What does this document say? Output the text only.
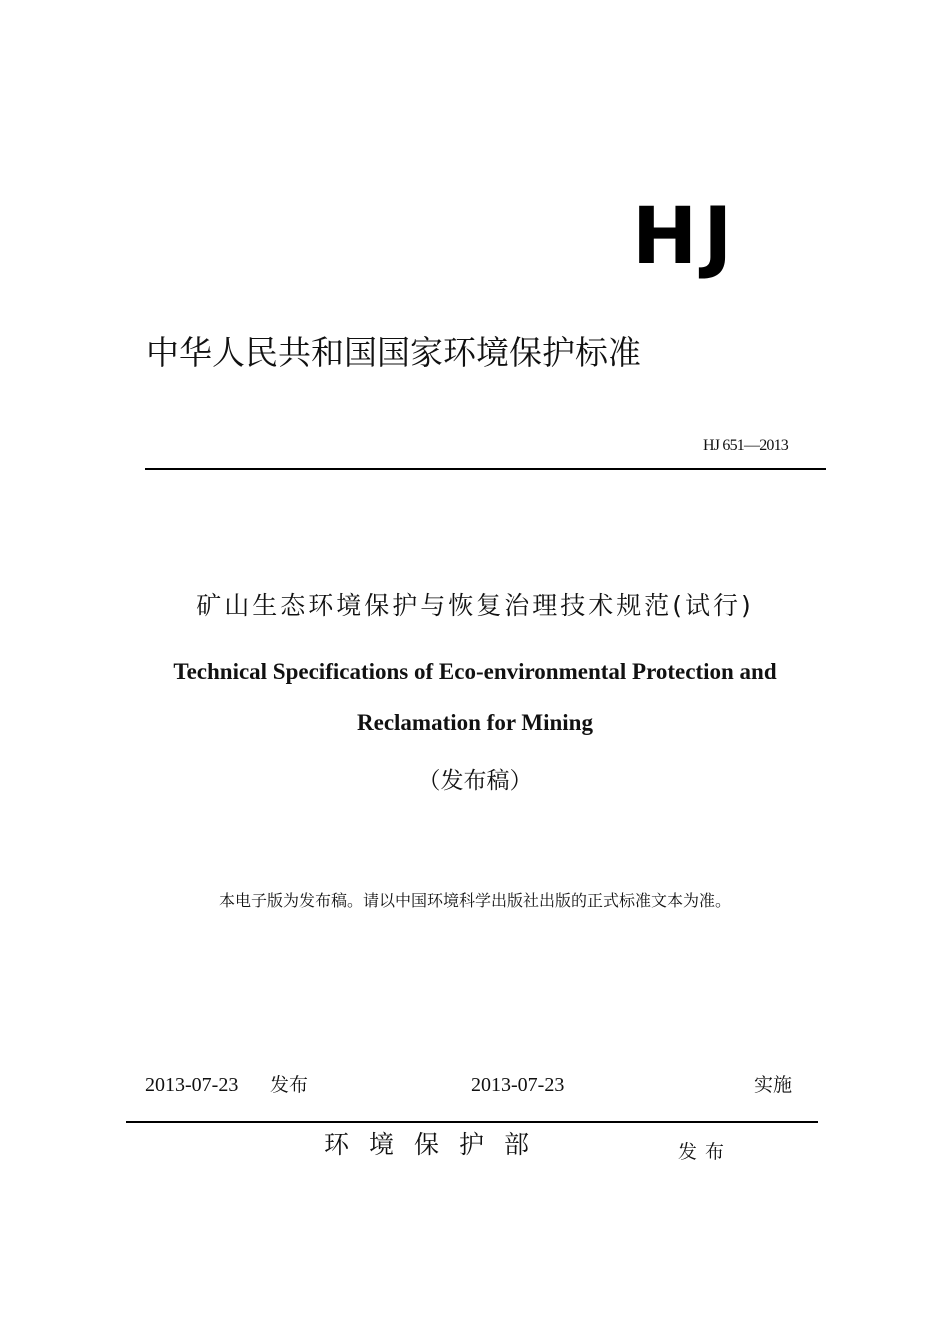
HJ
中华人民共和国国家环境保护标准
HJ 651—2013
矿山生态环境保护与恢复治理技术规范(试行)
Technical Specifications of Eco-environmental Protection and
Reclamation for Mining
（发布稿）
本电子版为发布稿。请以中国环境科学出版社出版的正式标准文本为准。
2013-07-23 发布	2013-07-23	实施
环境保护部	发布
